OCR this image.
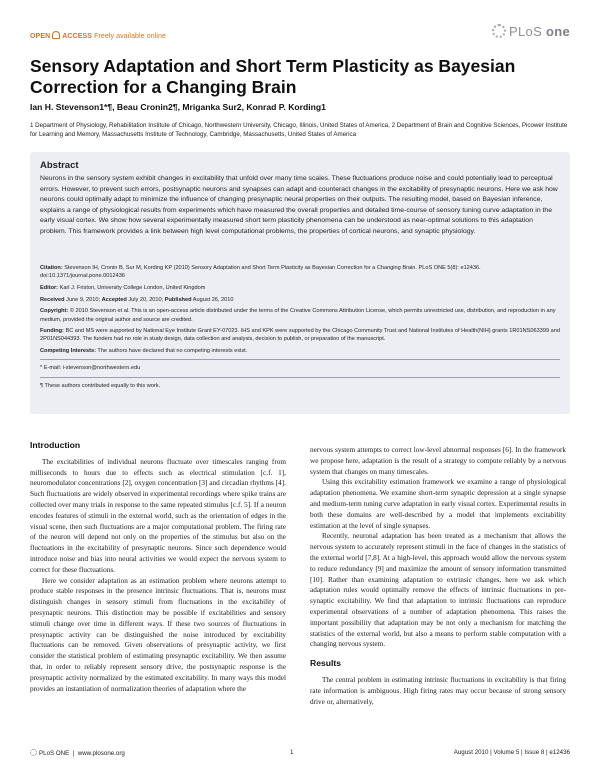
OPEN ACCESS Freely available online	PLoS one
Sensory Adaptation and Short Term Plasticity as Bayesian Correction for a Changing Brain
Ian H. Stevenson1*¶, Beau Cronin2¶, Mriganka Sur2, Konrad P. Kording1
1 Department of Physiology, Rehabilitation Institute of Chicago, Northwestern University, Chicago, Illinois, United States of America, 2 Department of Brain and Cognitive Sciences, Picower Institute for Learning and Memory, Massachusetts Institute of Technology, Cambridge, Massachusetts, United States of America
Abstract

Neurons in the sensory system exhibit changes in excitability that unfold over many time scales. These fluctuations produce noise and could potentially lead to perceptual errors. However, to prevent such errors, postsynaptic neurons and synapses can adapt and counteract changes in the excitability of presynaptic neurons. Here we ask how neurons could optimally adapt to minimize the influence of changing presynaptic neural properties on their outputs. The resulting model, based on Bayesian inference, explains a range of physiological results from experiments which have measured the overall properties and detailed time-course of sensory tuning curve adaptation in the early visual cortex. We show how several experimentally measured short term plasticity phenomena can be understood as near-optimal solutions to this adaptation problem. This framework provides a link between high level computational problems, the properties of cortical neurons, and synaptic physiology.

Citation: Stevenson IH, Cronin B, Sur M, Kording KP (2010) Sensory Adaptation and Short Term Plasticity as Bayesian Correction for a Changing Brain. PLoS ONE 5(8): e12436. doi:10.1371/journal.pone.0012436
Editor: Karl J. Friston, University College London, United Kingdom
Received June 9, 2010; Accepted July 20, 2010; Published August 26, 2010
Copyright: © 2010 Stevenson et al. This is an open-access article distributed under the terms of the Creative Commons Attribution License, which permits unrestricted use, distribution, and reproduction in any medium, provided the original author and source are credited.
Funding: BC and MS were supported by National Eye Institute Grant EY-07023. IHS and KPK were supported by the Chicago Community Trust and National Institutes of Health(NIH) grants 1R01NS063399 and 2P01NS044393. The funders had no role in study design, data collection and analysis, decision to publish, or preparation of the manuscript.
Competing Interests: The authors have declared that no competing interests exist.
* E-mail: i-stevenson@northwestern.edu
¶ These authors contributed equally to this work.
Introduction

The excitabilities of individual neurons fluctuate over timescales ranging from milliseconds to hours due to effects such as electrical stimulation [c.f. 1], neuromodulator concentrations [2], oxygen concentration [3] and circadian rhythms [4]. Such fluctuations are widely observed in experimental recordings where spike trains are collected over many trials in response to the same repeated stimulus [c.f. 5]. If a neuron encodes features of stimuli in the external world, such as the orientation of edges in the visual scene, then such fluctuations are a major computational problem. The firing rate of the neuron will depend not only on the properties of the stimulus but also on the fluctuations in the excitability of presynaptic neurons. Since such dependence would introduce noise and bias into neural activities we would expect the nervous system to correct for these fluctuations.

Here we consider adaptation as an estimation problem where neurons attempt to produce stable responses in the presence intrinsic fluctuations. That is, neurons must distinguish changes in sensory stimuli from fluctuations in the excitability of presynaptic neurons. This distinction may be possible if excitabilities and sensory stimuli change over time in different ways. If these two sources of fluctuations in presynaptic activity can be distinguished the noise introduced by excitability fluctuations can be removed. Given observations of presynaptic activity, we first consider the statistical problem of estimating presynaptic excitability. We then assume that, in order to reliably represent sensory drive, the postsynaptic response is the presynaptic activity normalized by the estimated excitability. In many ways this model provides an instantiation of normalization theories of adaptation where the

nervous system attempts to correct low-level abnormal responses [6]. In the framework we propose here, adaptation is the result of a strategy to compute reliably by a nervous system that changes on many timescales.

Using this excitability estimation framework we examine a range of physiological adaptation phenomena. We examine short-term synaptic depression at a single synapse and medium-term tuning curve adaptation in early visual cortex. Experimental results in both these domains are well-described by a model that implements excitability estimation at the level of single synapses.

Recently, neuronal adaptation has been treated as a mechanism that allows the nervous system to accurately represent stimuli in the face of changes in the statistics of the external world [7,8]. At a high-level, this approach would allow the nervous system to reduce redundancy [9] and maximize the amount of sensory information transmitted [10]. Rather than examining adaptation to extrinsic changes, here we ask which adaptation rules would optimally remove the effects of intrinsic fluctuations in pre-synaptic excitability. We find that adaptation to intrinsic fluctuations can reproduce experimental observations of a number of adaptation phenomena. This raises the important possibility that adaptation may be not only a mechanism for matching the statistics of the external world, but also a means to perform stable computation with a changing nervous system.

Results

The central problem in estimating intrinsic fluctuations in excitability is that firing rate information is ambiguous. High firing rates may occur because of strong sensory drive or, alternatively,

PLoS ONE  |  www.plosone.org	1	August 2010 | Volume 5 | Issue 8 | e12436
